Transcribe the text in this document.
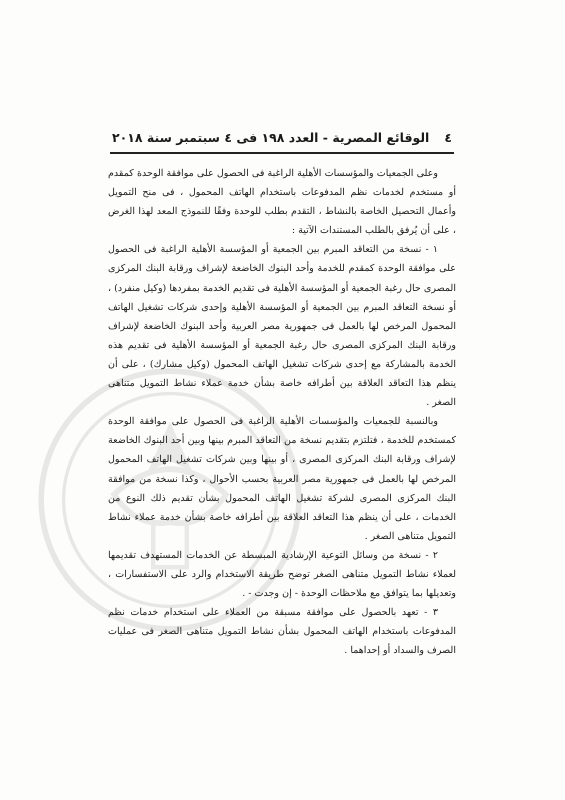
٤
الوقائع المصرية - العدد ١٩٨ فى ٤ سبتمبر سنة ٢٠١٨

وعلى الجمعيات والمؤسسات الأهلية الراغبة فى الحصول على موافقة الوحدة كمقدم أو مستخدم لخدمات نظم المدفوعات باستخدام الهاتف المحمول ، فى منح التمويل وأعمال التحصيل الخاصة بالنشاط ، التقدم بطلب للوحدة وفقًا للنموذج المعد لهذا الغرض ، على أن يُرفق بالطلب المستندات الآتية :

١ - نسخة من التعاقد المبرم بين الجمعية أو المؤسسة الأهلية الراغبة فى الحصول على موافقة الوحدة كمقدم للخدمة وأحد البنوك الخاضعة لإشراف ورقابة البنك المركزى المصرى حال رغبة الجمعية أو المؤسسة الأهلية فى تقديم الخدمة بمفردها (وكيل منفرد) ، أو نسخة التعاقد المبرم بين الجمعية أو المؤسسة الأهلية وإحدى شركات تشغيل الهاتف المحمول المرخص لها بالعمل فى جمهورية مصر العربية وأحد البنوك الخاضعة لإشراف ورقابة البنك المركزى المصرى حال رغبة الجمعية أو المؤسسة الأهلية فى تقديم هذه الخدمة بالمشاركة مع إحدى شركات تشغيل الهاتف المحمول (وكيل مشارك) ، على أن ينظم هذا التعاقد العلاقة بين أطرافه خاصة بشأن خدمة عملاء نشاط التمويل متناهى الصغر .

وبالنسبة للجمعيات والمؤسسات الأهلية الراغبة فى الحصول على موافقة الوحدة كمستخدم للخدمة ، فتلتزم بتقديم نسخة من التعاقد المبرم بينها وبين أحد البنوك الخاضعة لإشراف ورقابة البنك المركزى المصرى ، أو بينها وبين شركات تشغيل الهاتف المحمول المرخص لها بالعمل فى جمهورية مصر العربية بحسب الأحوال ، وكذا نسخة من موافقة البنك المركزى المصرى لشركة تشغيل الهاتف المحمول بشأن تقديم ذلك النوع من الخدمات ، على أن ينظم هذا التعاقد العلاقة بين أطرافه خاصة بشأن خدمة عملاء نشاط التمويل متناهى الصغر .

٢ - نسخة من وسائل التوعية الإرشادية المبسطة عن الخدمات المستهدف تقديمها لعملاء نشاط التمويل متناهى الصغر توضح طريقة الاستخدام والرد على الاستفسارات ، وتعديلها بما يتوافق مع ملاحظات الوحدة - إن وجدت - .

٣ - تعهد بالحصول على موافقة مسبقة من العملاء على استخدام خدمات نظم المدفوعات باستخدام الهاتف المحمول بشأن نشاط التمويل متناهى الصغر فى عمليات الصرف والسداد أو إحداهما .
